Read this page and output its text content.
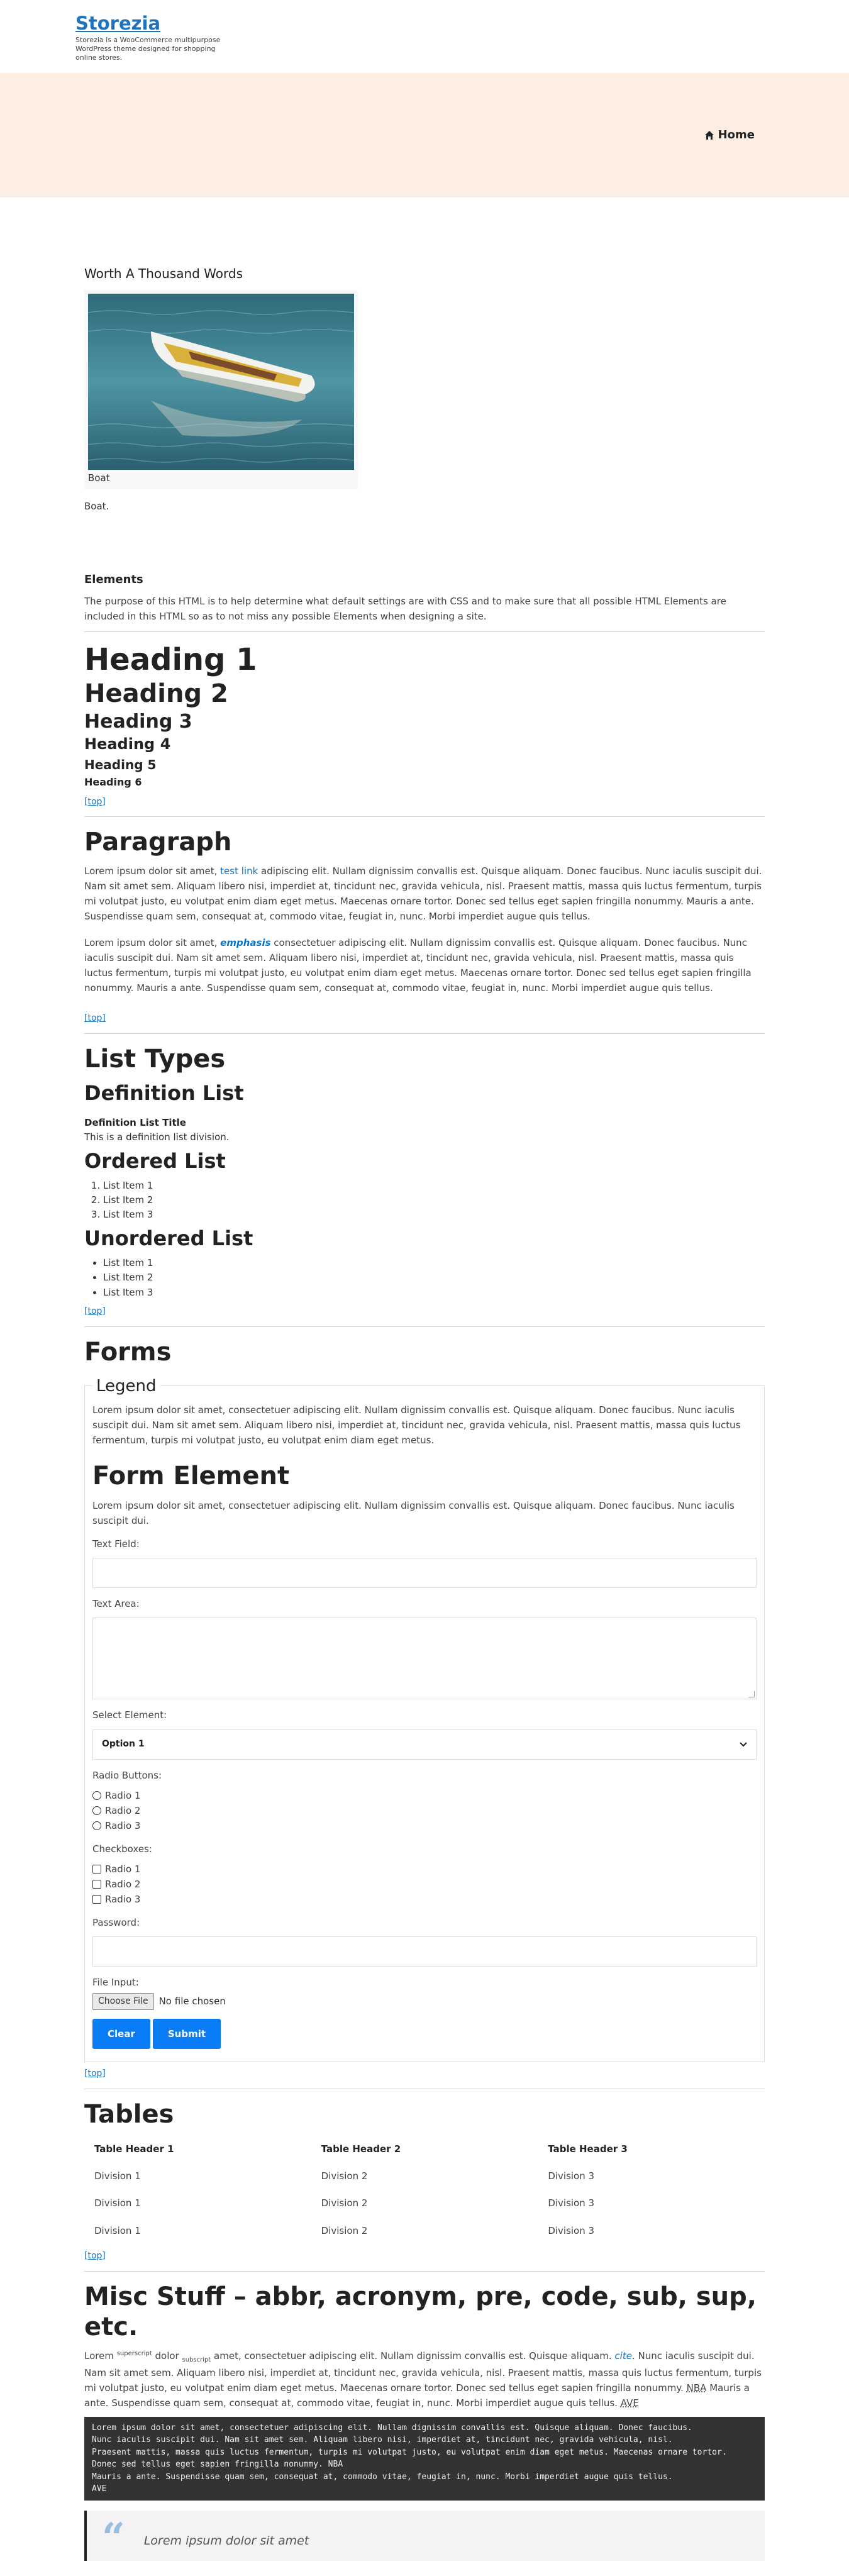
Storezia
Storezia is a WooCommerce multipurpose WordPress theme designed for shopping online stores.
Home
Worth A Thousand Words
Boat

Boat.

Elements

The purpose of this HTML is to help determine what default settings are with CSS and to make sure that all possible HTML Elements are included in this HTML so as to not miss any possible Elements when designing a site.

Heading 1
Heading 2
Heading 3
Heading 4
Heading 5
Heading 6
[top]
Paragraph

Lorem ipsum dolor sit amet, test link adipiscing elit. Nullam dignissim convallis est. Quisque aliquam. Donec faucibus. Nunc iaculis suscipit dui. Nam sit amet sem. Aliquam libero nisi, imperdiet at, tincidunt nec, gravida vehicula, nisl. Praesent mattis, massa quis luctus fermentum, turpis mi volutpat justo, eu volutpat enim diam eget metus. Maecenas ornare tortor. Donec sed tellus eget sapien fringilla nonummy. Mauris a ante. Suspendisse quam sem, consequat at, commodo vitae, feugiat in, nunc. Morbi imperdiet augue quis tellus.

Lorem ipsum dolor sit amet, emphasis consectetuer adipiscing elit. Nullam dignissim convallis est. Quisque aliquam. Donec faucibus. Nunc iaculis suscipit dui. Nam sit amet sem. Aliquam libero nisi, imperdiet at, tincidunt nec, gravida vehicula, nisl. Praesent mattis, massa quis luctus fermentum, turpis mi volutpat justo, eu volutpat enim diam eget metus. Maecenas ornare tortor. Donec sed tellus eget sapien fringilla nonummy. Mauris a ante. Suspendisse quam sem, consequat at, commodo vitae, feugiat in, nunc. Morbi imperdiet augue quis tellus.

[top]
List Types
Definition List
Definition List Title
This is a definition list division.
Ordered List
1. List Item 1
2. List Item 2
3. List Item 3
Unordered List
• List Item 1
• List Item 2
• List Item 3
[top]
Forms
Legend

Lorem ipsum dolor sit amet, consectetuer adipiscing elit. Nullam dignissim convallis est. Quisque aliquam. Donec faucibus. Nunc iaculis suscipit dui. Nam sit amet sem. Aliquam libero nisi, imperdiet at, tincidunt nec, gravida vehicula, nisl. Praesent mattis, massa quis luctus fermentum, turpis mi volutpat justo, eu volutpat enim diam eget metus.

Form Element

Lorem ipsum dolor sit amet, consectetuer adipiscing elit. Nullam dignissim convallis est. Quisque aliquam. Donec faucibus. Nunc iaculis suscipit dui.

Text Field:
Text Area:
Select Element:
Option 1
Radio Buttons:
Radio 1
Radio 2
Radio 3
Checkboxes:
Radio 1
Radio 2
Radio 3
Password:
File Input:
Choose File	No file chosen
Clear	Submit
[top]
Tables
Table Header 1	Table Header 2	Table Header 3
Division 1	Division 2	Division 3
Division 1	Division 2	Division 3
Division 1	Division 2	Division 3
[top]
Misc Stuff – abbr, acronym, pre, code, sub, sup, etc.

Lorem $^{superscript}$ dolor $_{subscript}$ amet, consectetuer adipiscing elit. Nullam dignissim convallis est. Quisque aliquam. cite. Nunc iaculis suscipit dui. Nam sit amet sem. Aliquam libero nisi, imperdiet at, tincidunt nec, gravida vehicula, nisl. Praesent mattis, massa quis luctus fermentum, turpis mi volutpat justo, eu volutpat enim diam eget metus. Maecenas ornare tortor. Donec sed tellus eget sapien fringilla nonummy. NBA Mauris a ante. Suspendisse quam sem, consequat at, commodo vitae, feugiat in, nunc. Morbi imperdiet augue quis tellus. AVE

Lorem ipsum dolor sit amet, consectetuer adipiscing elit. Nullam dignissim convallis est. Quisque aliquam. Donec faucibus.
Nunc iaculis suscipit dui. Nam sit amet sem. Aliquam libero nisi, imperdiet at, tincidunt nec, gravida vehicula, nisl.
Praesent mattis, massa quis luctus fermentum, turpis mi volutpat justo, eu volutpat enim diam eget metus. Maecenas ornare tortor.
Donec sed tellus eget sapien fringilla nonummy. NBA
Mauris a ante. Suspendisse quam sem, consequat at, commodo vitae, feugiat in, nunc. Morbi imperdiet augue quis tellus.
AVE
“ Lorem ipsum dolor sit amet
